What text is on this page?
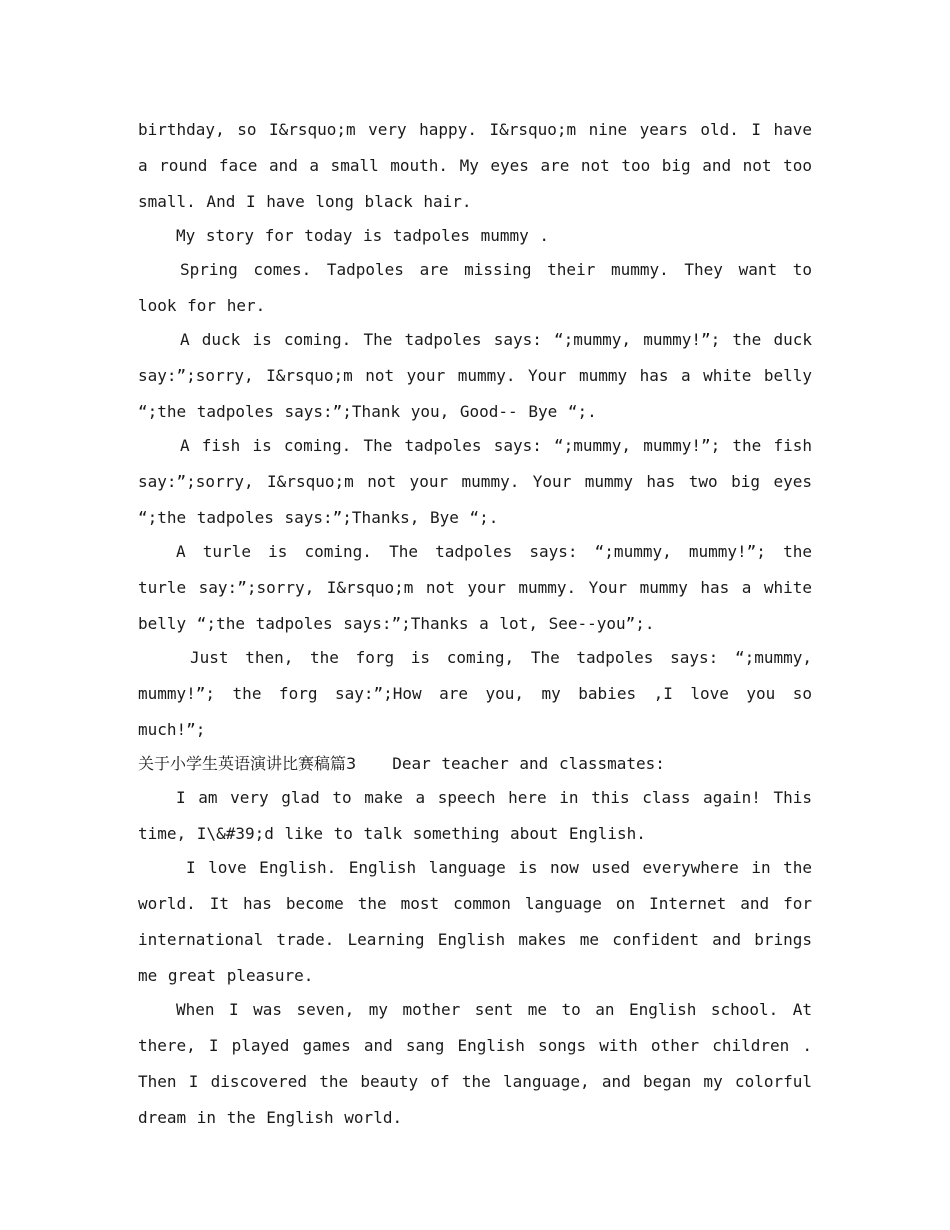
birthday, so I&rsquo;m very happy. I&rsquo;m nine years old. I have a round face and a small mouth. My eyes are not too big and not too small. And I have long black hair.

My story for today is tadpoles mummy .

Spring comes. Tadpoles are missing their mummy. They want to look for her.

A duck is coming. The tadpoles says: “;mummy, mummy!”; the duck say:”;sorry, I&rsquo;m not your mummy. Your mummy has a white belly “;the tadpoles says:”;Thank you, Good-- Bye “;.

A fish is coming. The tadpoles says: “;mummy, mummy!”; the fish say:”;sorry, I&rsquo;m not your mummy. Your mummy has two big eyes “;the tadpoles says:”;Thanks, Bye “;.

A turle is coming. The tadpoles says: “;mummy, mummy!”; the turle say:”;sorry, I&rsquo;m not your mummy. Your mummy has a white belly “;the tadpoles says:”;Thanks a lot, See--you”;.

Just then, the forg is coming, The tadpoles says: “;mummy, mummy!”; the forg say:”;How are you, my babies ,I love you so much!”;

关于小学生英语演讲比赛稿篇3 Dear teacher and classmates:

I am very glad to make a speech here in this class again! This time, I\&#39;d like to talk something about English.

I love English. English language is now used everywhere in the world. It has become the most common language on Internet and for international trade. Learning English makes me confident and brings me great pleasure.

When I was seven, my mother sent me to an English school. At there, I played games and sang English songs with other children . Then I discovered the beauty of the language, and began my colorful dream in the English world.
